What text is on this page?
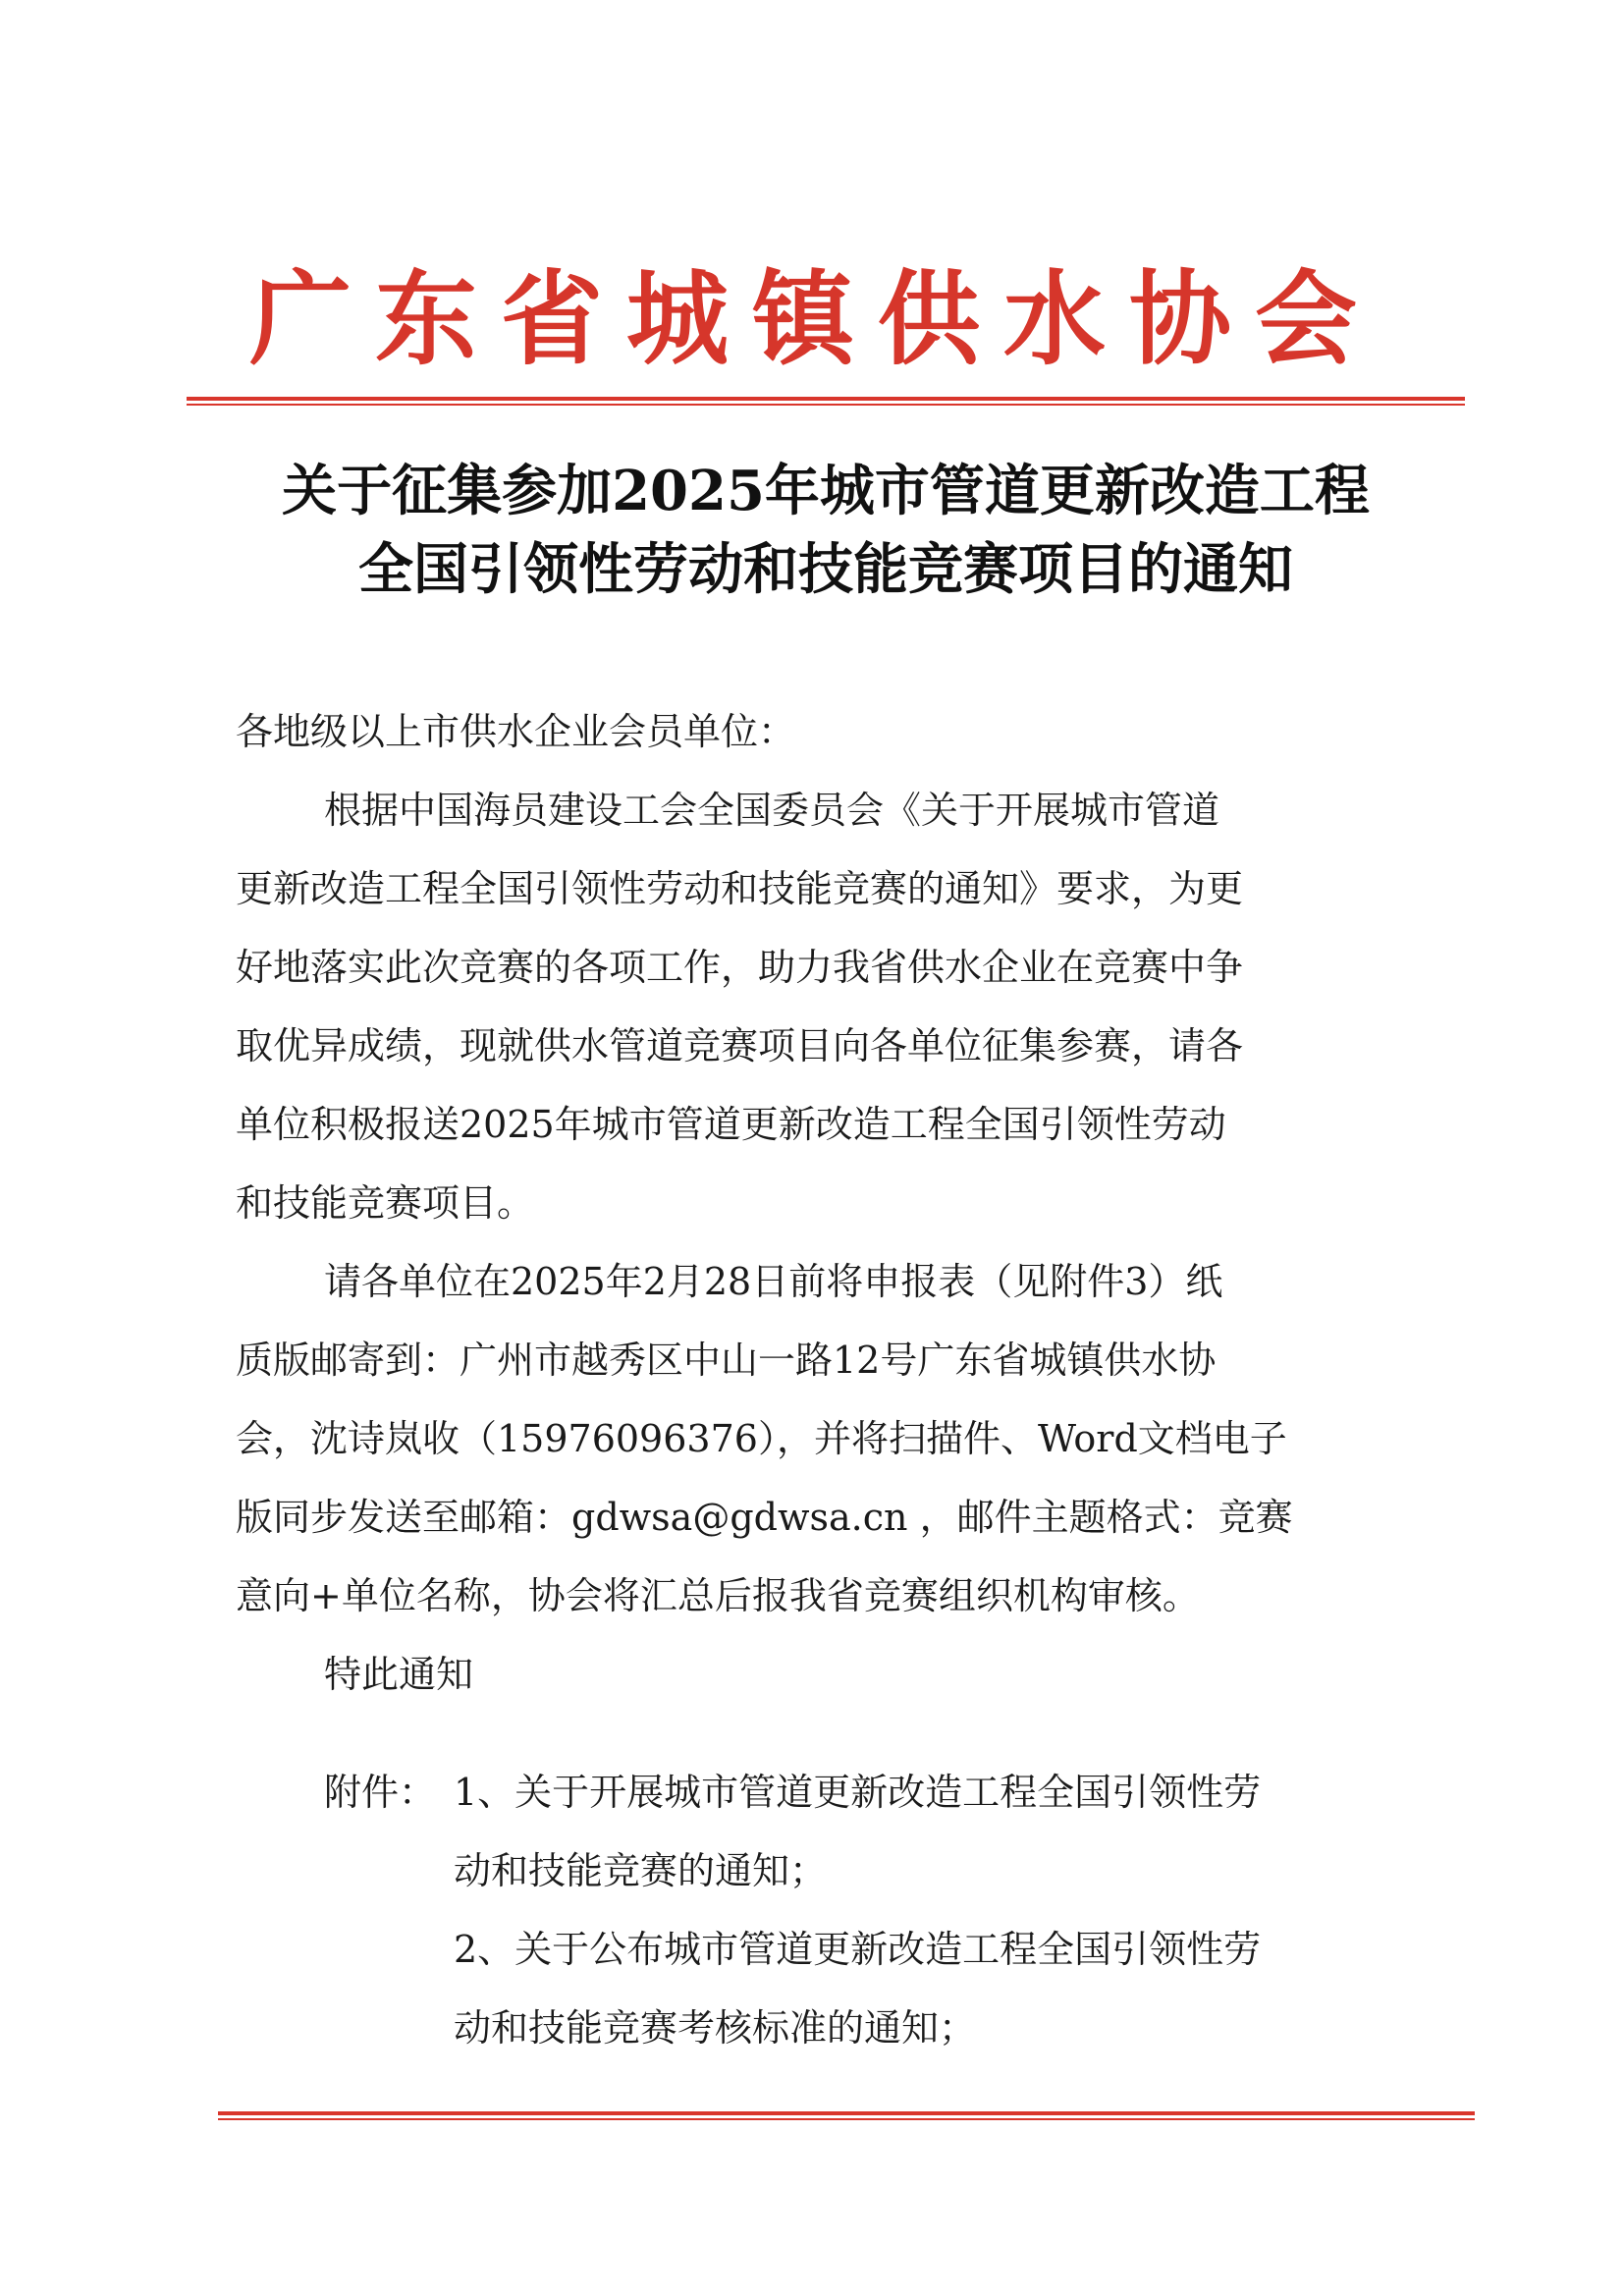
广东省城镇供水协会
关于征集参加2025年城市管道更新改造工程
全国引领性劳动和技能竞赛项目的通知
各地级以上市供水企业会员单位：
根据中国海员建设工会全国委员会《关于开展城市管道
更新改造工程全国引领性劳动和技能竞赛的通知》要求，为更
好地落实此次竞赛的各项工作，助力我省供水企业在竞赛中争
取优异成绩，现就供水管道竞赛项目向各单位征集参赛，请各
单位积极报送2025年城市管道更新改造工程全国引领性劳动
和技能竞赛项目。
请各单位在2025年2月28日前将申报表（见附件3）纸
质版邮寄到：广州市越秀区中山一路12号广东省城镇供水协
会，沈诗岚收（15976096376），并将扫描件、Word文档电子
版同步发送至邮箱：gdwsa@gdwsa.cn ，邮件主题格式：竞赛
意向+单位名称，协会将汇总后报我省竞赛组织机构审核。
特此通知
附件： 1、关于开展城市管道更新改造工程全国引领性劳
动和技能竞赛的通知；
2、关于公布城市管道更新改造工程全国引领性劳
动和技能竞赛考核标准的通知；
